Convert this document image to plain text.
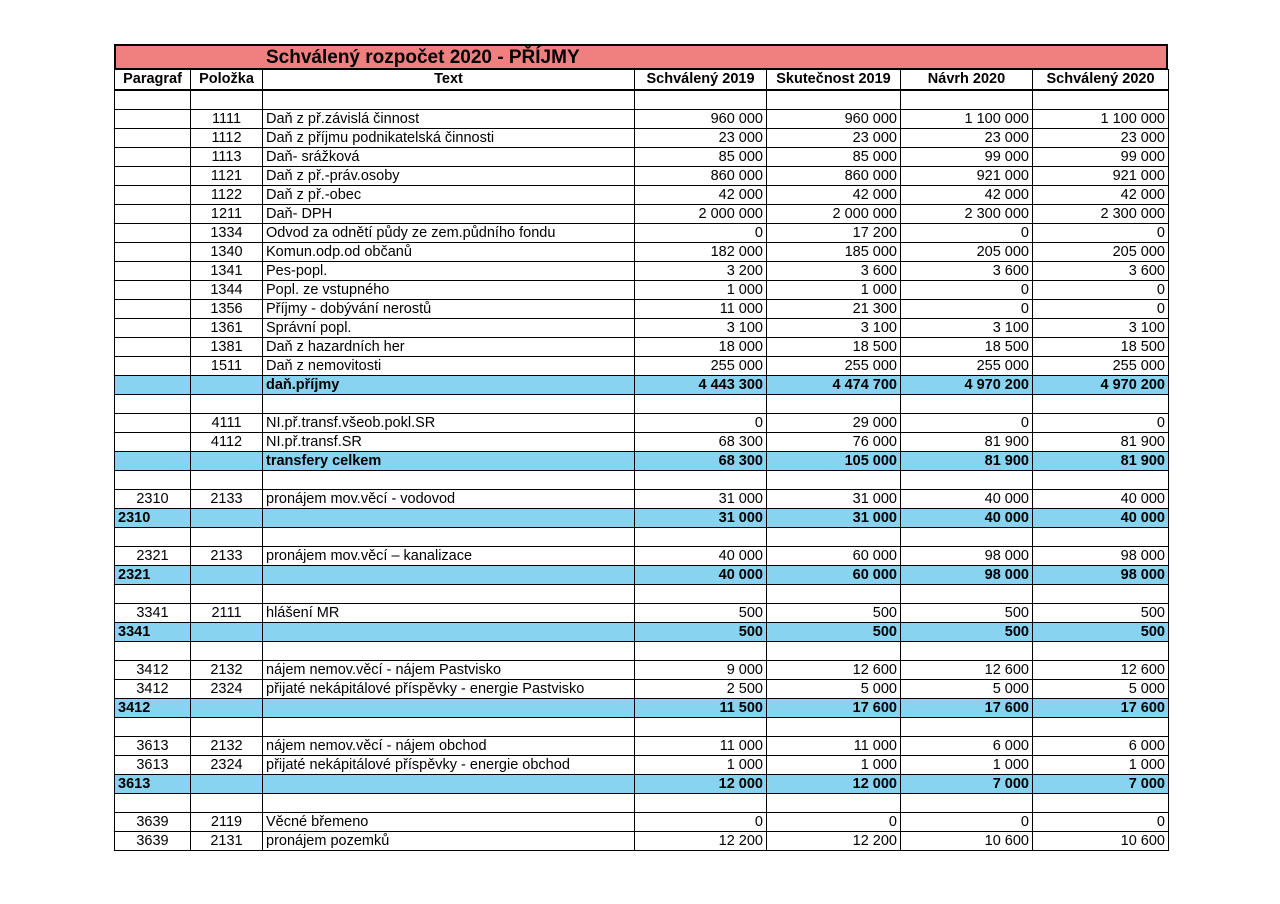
Schválený rozpočet 2020 - PŘÍJMY
Paragraf	Položka	Text	Schválený 2019	Skutečnost 2019	Návrh 2020	Schválený 2020

	1111	Daň z př.závislá činnost	960 000	960 000	1 100 000	1 100 000
	1112	Daň z příjmu podnikatelská činnosti	23 000	23 000	23 000	23 000
	1113	Daň- srážková	85 000	85 000	99 000	99 000
	1121	Daň z př.-práv.osoby	860 000	860 000	921 000	921 000
	1122	Daň z př.-obec	42 000	42 000	42 000	42 000
	1211	Daň- DPH	2 000 000	2 000 000	2 300 000	2 300 000
	1334	Odvod za odnětí půdy ze zem.půdního fondu	0	17 200	0	0
	1340	Komun.odp.od občanů	182 000	185 000	205 000	205 000
	1341	Pes-popl.	3 200	3 600	3 600	3 600
	1344	Popl. ze vstupného	1 000	1 000	0	0
	1356	Příjmy - dobývání nerostů	11 000	21 300	0	0
	1361	Správní popl.	3 100	3 100	3 100	3 100
	1381	Daň z hazardních her	18 000	18 500	18 500	18 500
	1511	Daň z nemovitosti	255 000	255 000	255 000	255 000
		daň.příjmy	4 443 300	4 474 700	4 970 200	4 970 200

	4111	NI.př.transf.všeob.pokl.SR	0	29 000	0	0
	4112	NI.př.transf.SR	68 300	76 000	81 900	81 900
		transfery celkem	68 300	105 000	81 900	81 900

2310	2133	pronájem mov.věcí - vodovod	31 000	31 000	40 000	40 000
2310			31 000	31 000	40 000	40 000

2321	2133	pronájem mov.věcí – kanalizace	40 000	60 000	98 000	98 000
2321			40 000	60 000	98 000	98 000

3341	2111	hlášení MR	500	500	500	500
3341			500	500	500	500

3412	2132	nájem nemov.věcí - nájem Pastvisko	9 000	12 600	12 600	12 600
3412	2324	přijaté nekápitálové příspěvky - energie Pastvisko	2 500	5 000	5 000	5 000
3412			11 500	17 600	17 600	17 600

3613	2132	nájem nemov.věcí - nájem obchod	11 000	11 000	6 000	6 000
3613	2324	přijaté nekápitálové příspěvky - energie obchod	1 000	1 000	1 000	1 000
3613			12 000	12 000	7 000	7 000

3639	2119	Věcné břemeno	0	0	0	0
3639	2131	pronájem pozemků	12 200	12 200	10 600	10 600
